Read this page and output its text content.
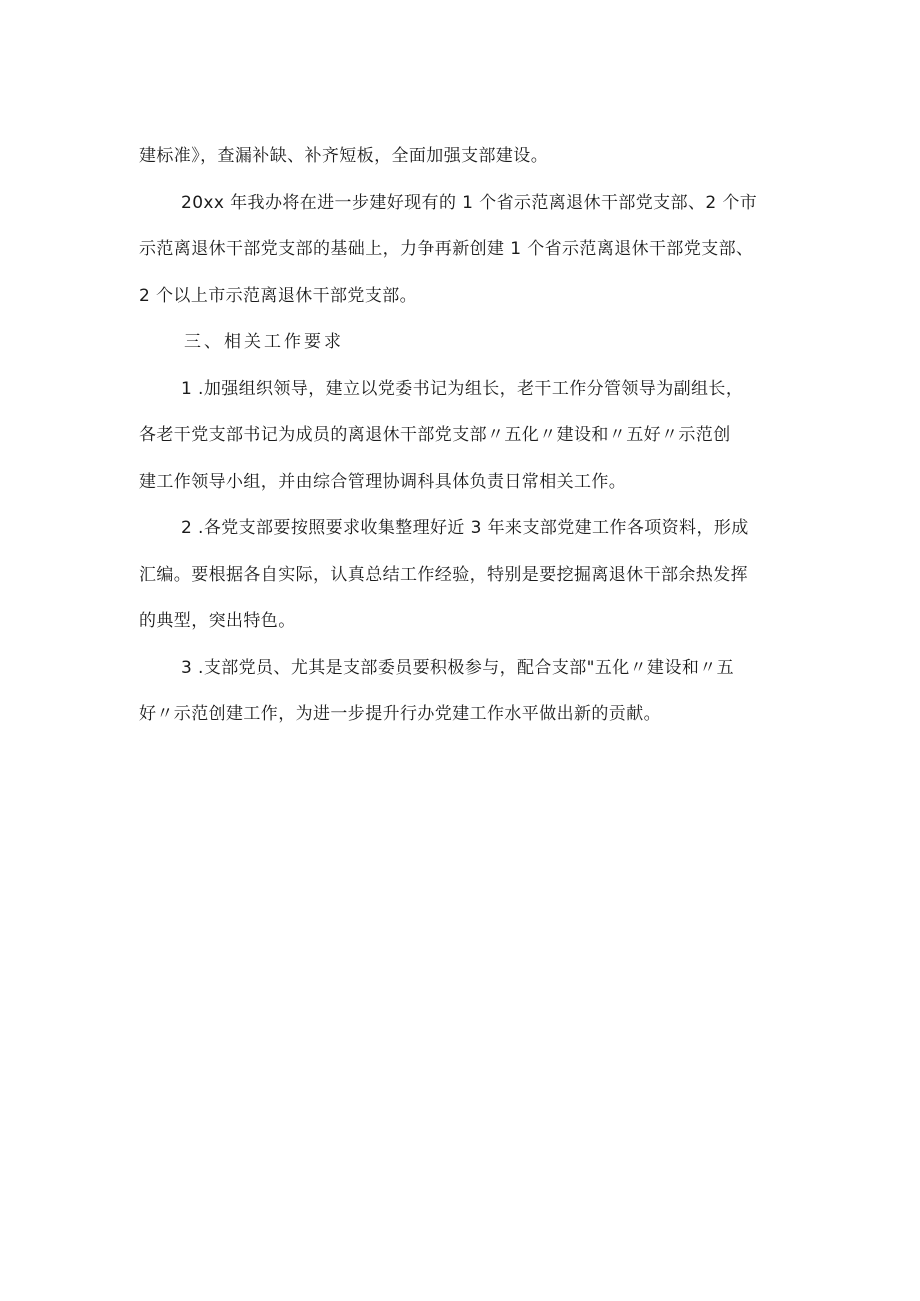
建标准》，查漏补缺、补齐短板，全面加强支部建设。

20xx 年我办将在进一步建好现有的 1 个省示范离退休干部党支部、2 个市
示范离退休干部党支部的基础上，力争再新创建 1 个省示范离退休干部党支部、
2 个以上市示范离退休干部党支部。

三、相关工作要求

1 .加强组织领导，建立以党委书记为组长，老干工作分管领导为副组长，
各老干党支部书记为成员的离退休干部党支部〃五化〃建设和〃五好〃示范创
建工作领导小组，并由综合管理协调科具体负责日常相关工作。

2 .各党支部要按照要求收集整理好近 3 年来支部党建工作各项资料，形成
汇编。要根据各自实际，认真总结工作经验，特别是要挖掘离退休干部余热发挥
的典型，突出特色。

3 .支部党员、尤其是支部委员要积极参与，配合支部"五化〃建设和〃五
好〃示范创建工作，为进一步提升行办党建工作水平做出新的贡献。
